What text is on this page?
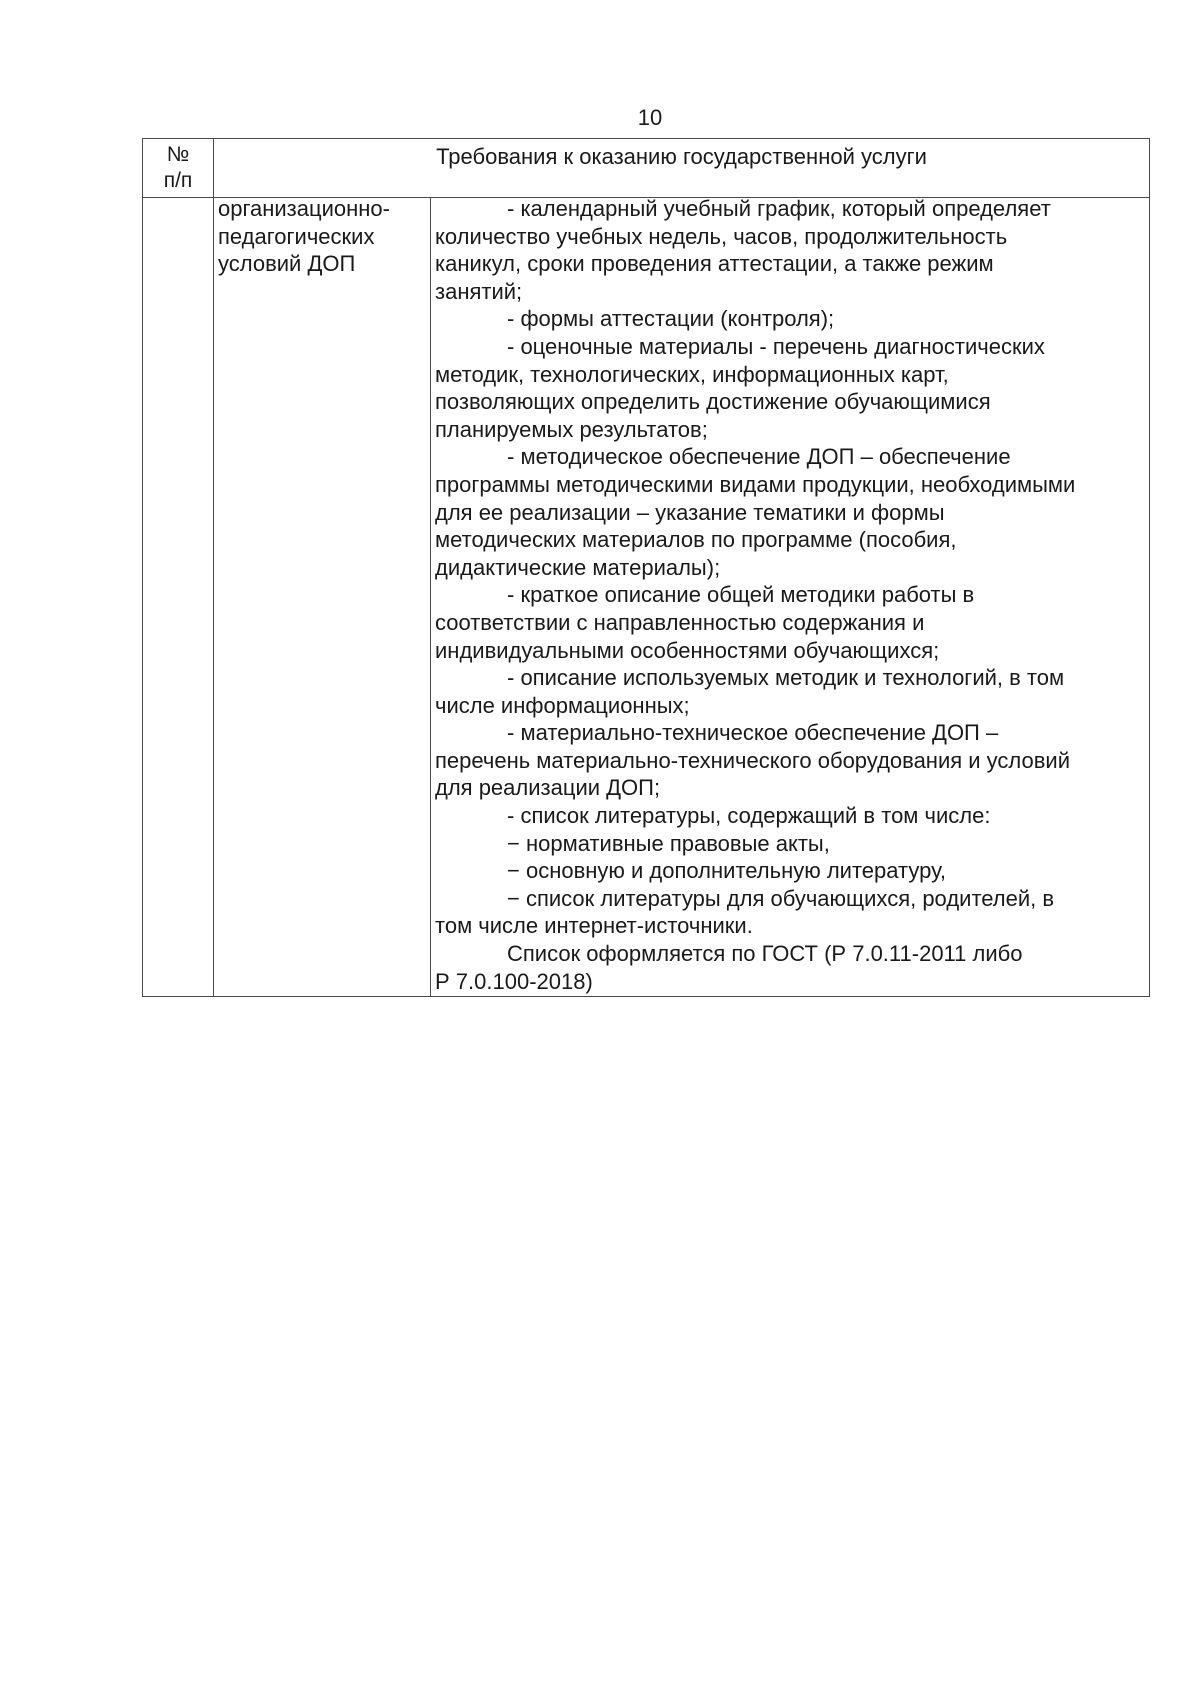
10
№
п/п
Требования к оказанию государственной услуги
организационно-
педагогических
условий ДОП
- календарный учебный график, который определяет
количество учебных недель, часов, продолжительность
каникул, сроки проведения аттестации, а также режим
занятий;
- формы аттестации (контроля);
- оценочные материалы - перечень диагностических
методик, технологических, информационных карт,
позволяющих определить достижение обучающимися
планируемых результатов;
- методическое обеспечение ДОП – обеспечение
программы методическими видами продукции, необходимыми
для ее реализации – указание тематики и формы
методических материалов по программе (пособия,
дидактические материалы);
- краткое описание общей методики работы в
соответствии с направленностью содержания и
индивидуальными особенностями обучающихся;
- описание используемых методик и технологий, в том
числе информационных;
- материально-техническое обеспечение ДОП –
перечень материально-технического оборудования и условий
для реализации ДОП;
- список литературы, содержащий в том числе:
− нормативные правовые акты,
− основную и дополнительную литературу,
− список литературы для обучающихся, родителей, в
том числе интернет-источники.
Список оформляется по ГОСТ (Р 7.0.11-2011 либо
Р 7.0.100-2018)
